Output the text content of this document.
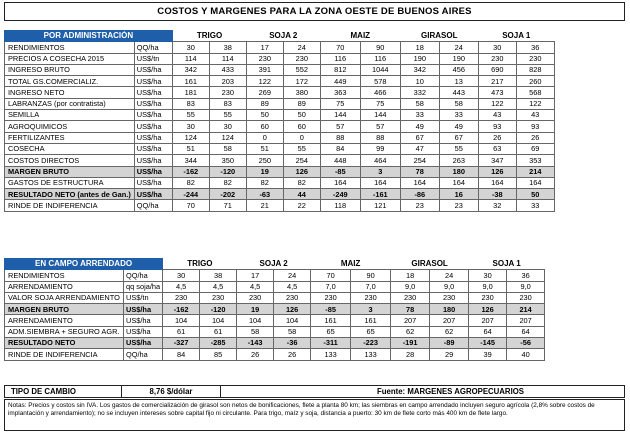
COSTOS Y MARGENES PARA LA ZONA OESTE DE BUENOS AIRES
POR ADMINISTRACIÓN		TRIGO		SOJA 2		MAIZ		GIRASOL		SOJA 1	
RENDIMIENTOS	QQ/ha	30	38	17	24	70	90	18	24	30	36
PRECIOS A COSECHA 2015	US$/tn	114	114	230	230	116	116	190	190	230	230
INGRESO BRUTO	US$/ha	342	433	391	552	812	1044	342	456	690	828
TOTAL GS.COMERCIALIZ.	US$/ha	161	203	122	172	449	578	10	13	217	260
INGRESO NETO	US$/ha	181	230	269	380	363	466	332	443	473	568
LABRANZAS (por contratista)	US$/ha	83	83	89	89	75	75	58	58	122	122
SEMILLA	US$/ha	55	55	50	50	144	144	33	33	43	43
AGROQUIMICOS	US$/ha	30	30	60	60	57	57	49	49	93	93
FERTILIZANTES	US$/ha	124	124	0	0	88	88	67	67	26	26
COSECHA	US$/ha	51	58	51	55	84	99	47	55	63	69
COSTOS DIRECTOS	US$/ha	344	350	250	254	448	464	254	263	347	353
MARGEN BRUTO	US$/ha	-162	-120	19	126	-85	3	78	180	126	214
GASTOS DE ESTRUCTURA	US$/ha	82	82	82	82	164	164	164	164	164	164
RESULTADO NETO (antes de Gan.)	US$/ha	-244	-202	-63	44	-249	-161	-86	16	-38	50
RINDE DE INDIFERENCIA	QQ/ha	70	71	21	22	118	121	23	23	32	33
EN CAMPO ARRENDADO		TRIGO		SOJA 2		MAIZ		GIRASOL		SOJA 1	
RENDIMIENTOS	QQ/ha	30	38	17	24	70	90	18	24	30	36
ARRENDAMIENTO	qq soja/ha	4,5	4,5	4,5	4,5	7,0	7,0	9,0	9,0	9,0	9,0
VALOR SOJA ARRENDAMIENTO	US$/tn	230	230	230	230	230	230	230	230	230	230
MARGEN BRUTO	US$/ha	-162	-120	19	126	-85	3	78	180	126	214
ARRENDAMIENTO	US$/ha	104	104	104	104	161	161	207	207	207	207
ADM.SIEMBRA + SEGURO AGR.	US$/ha	61	61	58	58	65	65	62	62	64	64
RESULTADO NETO	US$/ha	-327	-285	-143	-36	-311	-223	-191	-89	-145	-56
RINDE DE INDIFERENCIA	QQ/ha	84	85	26	26	133	133	28	29	39	40
TIPO DE CAMBIO	8,76 $/dólar	Fuente: MARGENES AGROPECUARIOS
Notas: Precios y costos sin IVA. Los gastos de comercialización de girasol son netos de bonificaciones, flete a planta 80 km; las siembras en campo arrendado incluyen seguro agrícola (2,8% sobre costos de implantación y arrendamiento); no se incluyen intereses sobre capital fijo ni circulante. Para trigo, maíz y soja, distancia a puerto: 30 km de flete corto más 400 km de flete largo.
